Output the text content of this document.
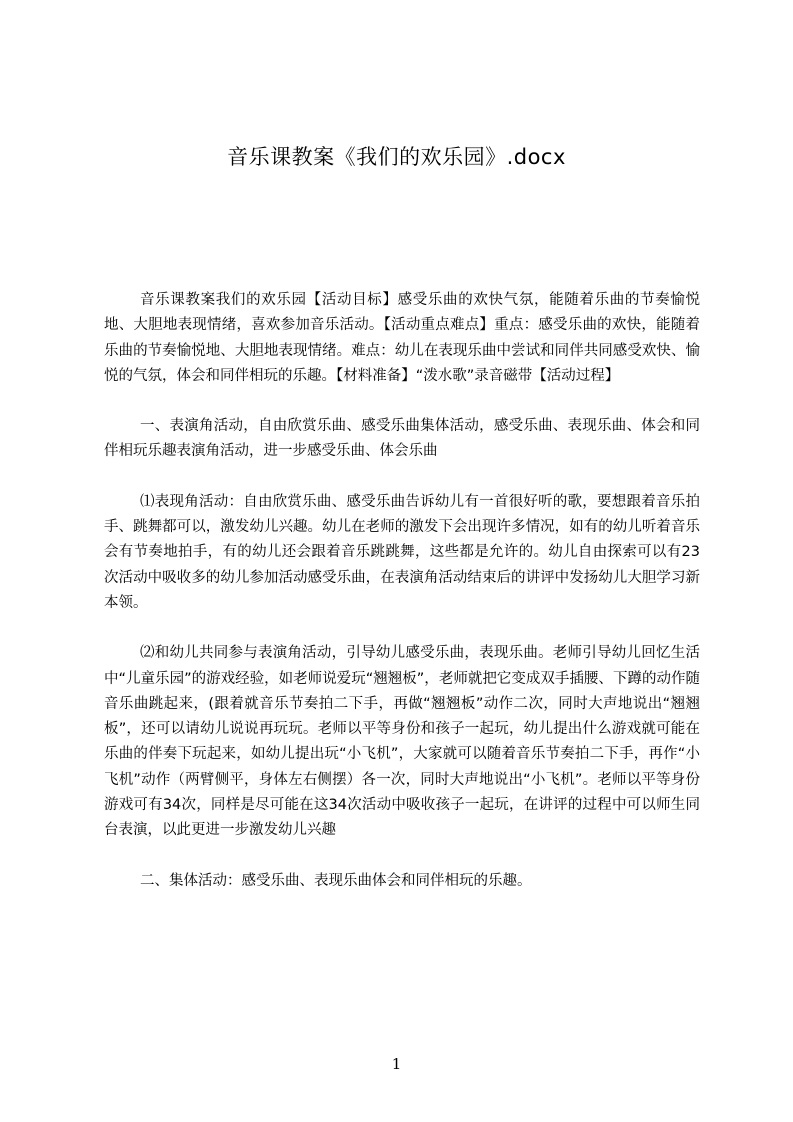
音乐课教案《我们的欢乐园》.docx

音乐课教案我们的欢乐园【活动目标】感受乐曲的欢快气氛，能随着乐曲的节奏愉悦地、大胆地表现情绪，喜欢参加音乐活动。【活动重点难点】重点：感受乐曲的欢快，能随着乐曲的节奏愉悦地、大胆地表现情绪。难点：幼儿在表现乐曲中尝试和同伴共同感受欢快、愉悦的气氛，体会和同伴相玩的乐趣。【材料准备】“泼水歌”录音磁带【活动过程】

一、表演角活动，自由欣赏乐曲、感受乐曲集体活动，感受乐曲、表现乐曲、体会和同伴相玩乐趣表演角活动，进一步感受乐曲、体会乐曲

⑴表现角活动：自由欣赏乐曲、感受乐曲告诉幼儿有一首很好听的歌，要想跟着音乐拍手、跳舞都可以，激发幼儿兴趣。幼儿在老师的激发下会出现许多情况，如有的幼儿听着音乐会有节奏地拍手，有的幼儿还会跟着音乐跳跳舞，这些都是允许的。幼儿自由探索可以有23次活动中吸收多的幼儿参加活动感受乐曲，在表演角活动结束后的讲评中发扬幼儿大胆学习新本领。

⑵和幼儿共同参与表演角活动，引导幼儿感受乐曲，表现乐曲。老师引导幼儿回忆生活中“儿童乐园”的游戏经验，如老师说爱玩“翘翘板”，老师就把它变成双手插腰、下蹲的动作随音乐曲跳起来，(跟着就音乐节奏拍二下手，再做“翘翘板”动作二次，同时大声地说出“翘翘板”，还可以请幼儿说说再玩玩。老师以平等身份和孩子一起玩，幼儿提出什么游戏就可能在乐曲的伴奏下玩起来，如幼儿提出玩“小飞机”，大家就可以随着音乐节奏拍二下手，再作“小飞机”动作（两臂侧平，身体左右侧摆）各一次，同时大声地说出“小飞机”。老师以平等身份游戏可有34次，同样是尽可能在这34次活动中吸收孩子一起玩，在讲评的过程中可以师生同台表演，以此更进一步激发幼儿兴趣

二、集体活动：感受乐曲、表现乐曲体会和同伴相玩的乐趣。

1
